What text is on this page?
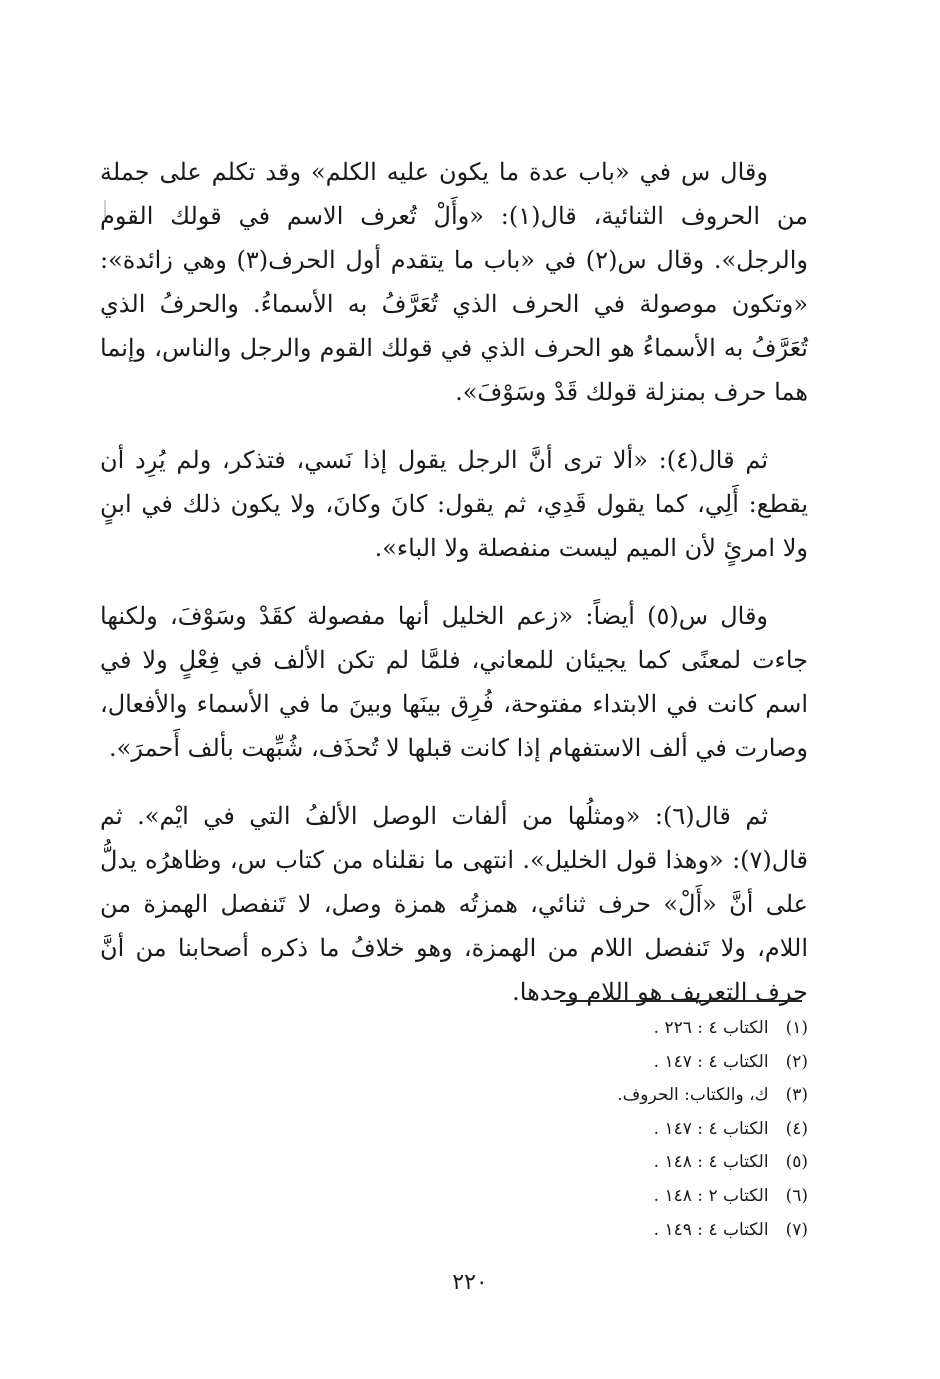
وقال س في «باب عدة ما يكون عليه الكلم» وقد تكلم على جملة من الحروف الثنائية، قال(١): «وأَلْ تُعرف الاسم في قولك القوم والرجل». وقال س(٢) في «باب ما يتقدم أول الحرف(٣) وهي زائدة»: «وتكون موصولة في الحرف الذي تُعَرَّفُ به الأسماءُ. والحرفُ الذي تُعَرَّفُ به الأسماءُ هو الحرف الذي في قولك القوم والرجل والناس، وإنما هما حرف بمنزلة قولك قَدْ وسَوْفَ».

ثم قال(٤): «ألا ترى أنَّ الرجل يقول إذا نَسي، فتذكر، ولم يُرِد أن يقطع: أَلِي، كما يقول قَدِي، ثم يقول: كانَ وكانَ، ولا يكون ذلك في ابنٍ ولا امرئٍ لأن الميم ليست منفصلة ولا الباء».

وقال س(٥) أيضاً: «زعم الخليل أنها مفصولة كقَدْ وسَوْفَ، ولكنها جاءت لمعنًى كما يجيئان للمعاني، فلمَّا لم تكن الألف في فِعْلٍ ولا في اسم كانت في الابتداء مفتوحة، فُرِق بينَها وبينَ ما في الأسماء والأفعال، وصارت في ألف الاستفهام إذا كانت قبلها لا تُحذَف، شُبِّهت بألف أَحمرَ».

ثم قال(٦): «ومثلُها من ألفات الوصل الألفُ التي في ايْم». ثم قال(٧): «وهذا قول الخليل». انتهى ما نقلناه من كتاب س، وظاهرُه يدلُّ على أنَّ «أَلْ» حرف ثنائي، همزتُه همزة وصل، لا تَنفصل الهمزة من اللام، ولا تَنفصل اللام من الهمزة، وهو خلافُ ما ذكره أصحابنا من أنَّ حرف التعريف هو اللام وحدها.

(١) الكتاب ٤ : ٢٢٦ .
(٢) الكتاب ٤ : ١٤٧ .
(٣) ك، والكتاب: الحروف.
(٤) الكتاب ٤ : ١٤٧ .
(٥) الكتاب ٤ : ١٤٨ .
(٦) الكتاب ٢ : ١٤٨ .
(٧) الكتاب ٤ : ١٤٩ .
٢٢٠
